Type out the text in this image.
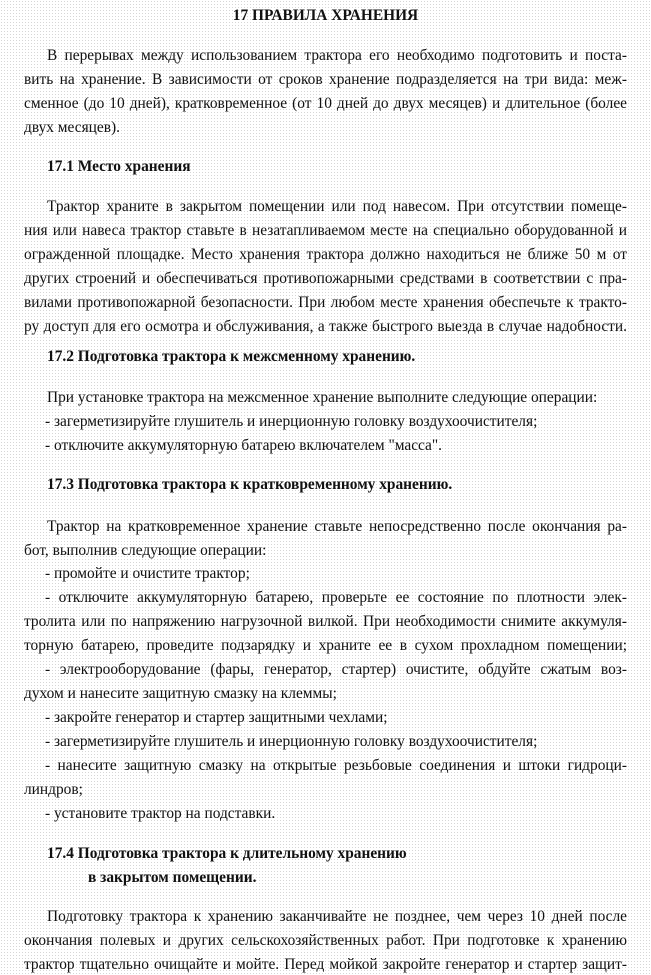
17 ПРАВИЛА ХРАНЕНИЯ
В перерывах между использованием трактора его необходимо подготовить и поста-
вить на хранение. В зависимости от сроков хранение подразделяется на три вида: меж-
сменное (до 10 дней), кратковременное (от 10 дней до двух месяцев) и длительное (более
двух месяцев).
17.1 Место хранения
Трактор храните в закрытом помещении или под навесом. При отсутствии помеще-
ния или навеса трактор ставьте в незатапливаемом месте на специально оборудованной и
огражденной площадке. Место хранения трактора должно находиться не ближе 50 м от
других строений и обеспечиваться противопожарными средствами в соответствии с пра-
вилами противопожарной безопасности. При любом месте хранения обеспечьте к тракто-
ру доступ для его осмотра и обслуживания, а также быстрого выезда в случае надобности.
17.2 Подготовка трактора к межсменному хранению.
При установке трактора на межсменное хранение выполните следующие операции:
- загерметизируйте глушитель и инерционную головку воздухоочистителя;
- отключите аккумуляторную батарею включателем "масса".
17.3 Подготовка трактора к кратковременному хранению.
Трактор на кратковременное хранение ставьте непосредственно после окончания ра-
бот, выполнив следующие операции:
- промойте и очистите трактор;
- отключите аккумуляторную батарею, проверьте ее состояние по плотности элек-
тролита или по напряжению нагрузочной вилкой. При необходимости снимите аккумуля-
торную батарею, проведите подзарядку и храните ее в сухом прохладном помещении;
- электрооборудование (фары, генератор, стартер) очистите, обдуйте сжатым воз-
духом и нанесите защитную смазку на клеммы;
- закройте генератор и стартер защитными чехлами;
- загерметизируйте глушитель и инерционную головку воздухоочистителя;
- нанесите защитную смазку на открытые резьбовые соединения и штоки гидроци-
линдров;
- установите трактор на подставки.
17.4 Подготовка трактора к длительному хранению
в закрытом помещении.
Подготовку трактора к хранению заканчивайте не позднее, чем через 10 дней после
окончания полевых и других сельскохозяйственных работ. При подготовке к хранению
трактор тщательно очищайте и мойте. Перед мойкой закройте генератор и стартер защит-
